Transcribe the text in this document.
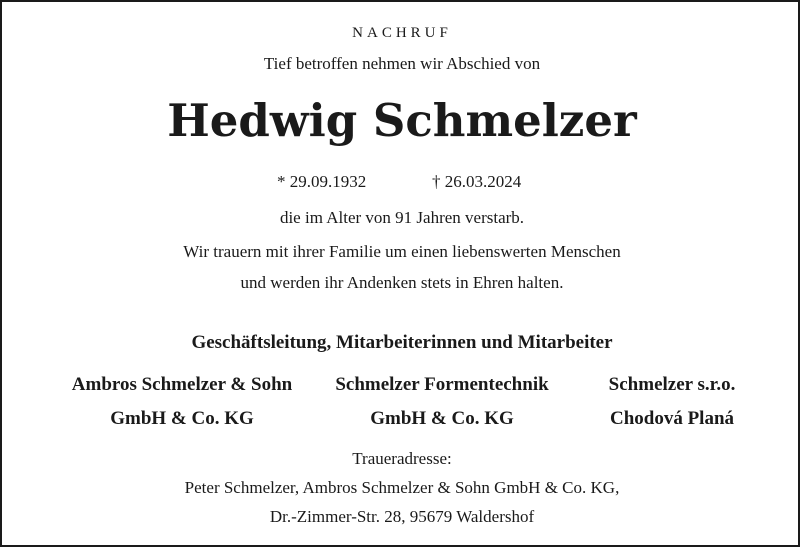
NACHRUF
Tief betroffen nehmen wir Abschied von
Hedwig Schmelzer
* 29.09.1932	† 26.03.2024
die im Alter von 91 Jahren verstarb.
Wir trauern mit ihrer Familie um einen liebenswerten Menschen
und werden ihr Andenken stets in Ehren halten.
Geschäftsleitung, Mitarbeiterinnen und Mitarbeiter
Ambros Schmelzer & Sohn	Schmelzer Formentechnik	Schmelzer s.r.o.
GmbH & Co. KG	GmbH & Co. KG	Chodová Planá
Traueradresse:
Peter Schmelzer, Ambros Schmelzer & Sohn GmbH & Co. KG,
Dr.-Zimmer-Str. 28, 95679 Waldershof
